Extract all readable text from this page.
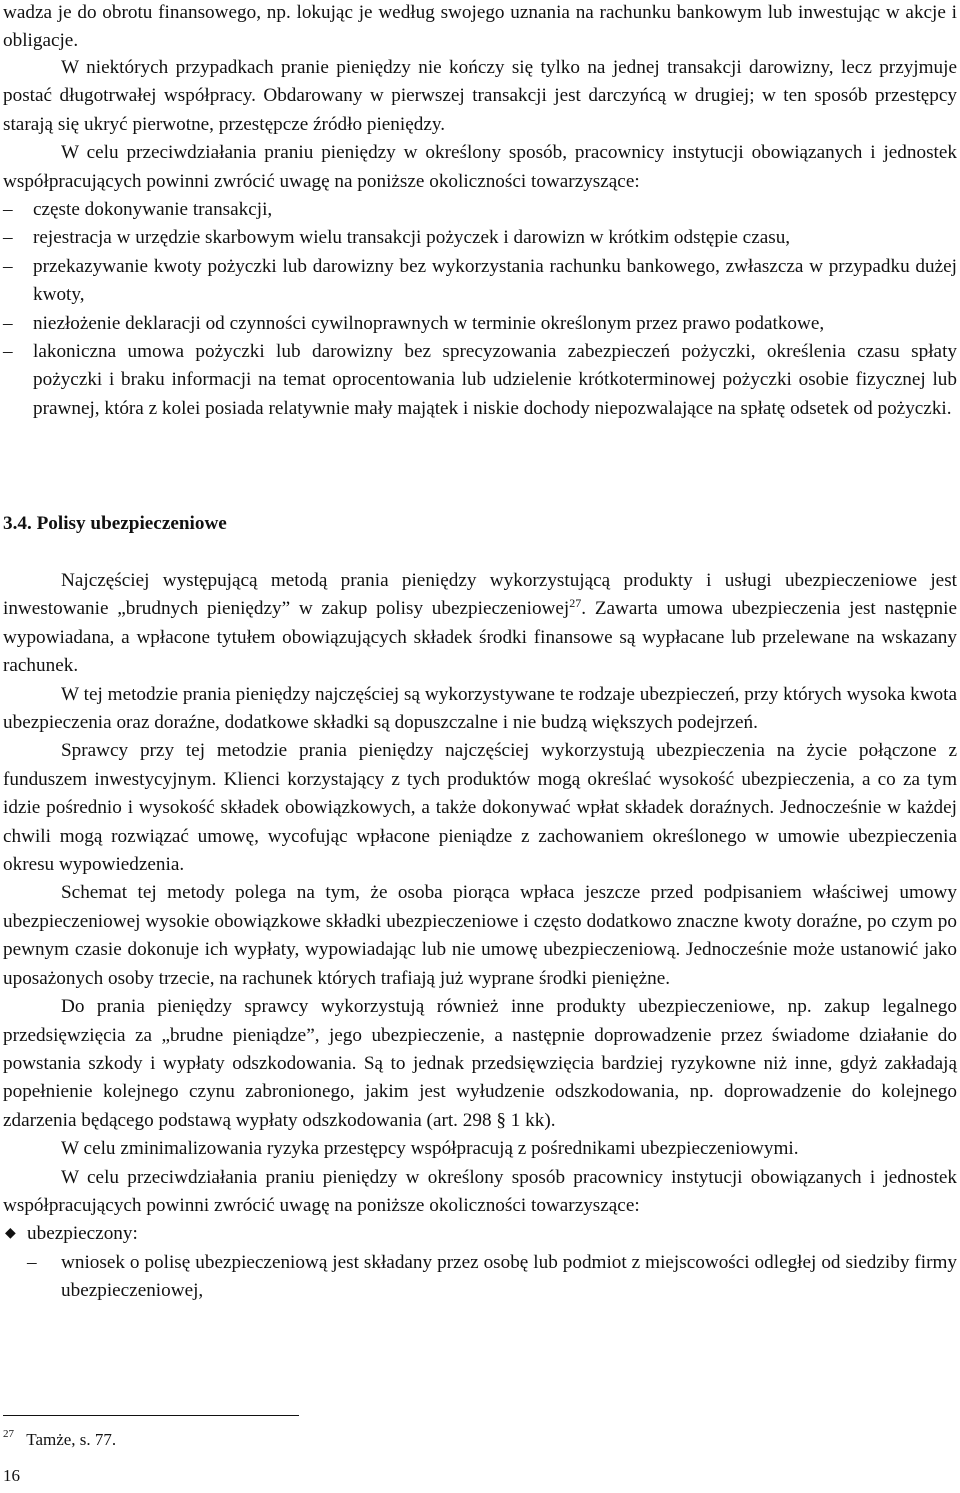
wadza je do obrotu finansowego, np. lokując je według swojego uznania na rachunku bankowym lub inwestując w akcje i obligacje.

W niektórych przypadkach pranie pieniędzy nie kończy się tylko na jednej transakcji darowizny, lecz przyjmuje postać długotrwałej współpracy. Obdarowany w pierwszej transakcji jest darczyńcą w drugiej; w ten sposób przestępcy starają się ukryć pierwotne, przestępcze źródło pieniędzy.

W celu przeciwdziałania praniu pieniędzy w określony sposób, pracownicy instytucji obowiązanych i jednostek współpracujących powinni zwrócić uwagę na poniższe okoliczności towarzyszące:

– częste dokonywanie transakcji,
– rejestracja w urzędzie skarbowym wielu transakcji pożyczek i darowizn w krótkim odstępie czasu,
– przekazywanie kwoty pożyczki lub darowizny bez wykorzystania rachunku bankowego, zwłaszcza w przypadku dużej kwoty,
– niezłożenie deklaracji od czynności cywilnoprawnych w terminie określonym przez prawo podatkowe,
– lakoniczna umowa pożyczki lub darowizny bez sprecyzowania zabezpieczeń pożyczki, określenia czasu spłaty pożyczki i braku informacji na temat oprocentowania lub udzielenie krótkoterminowej pożyczki osobie fizycznej lub prawnej, która z kolei posiada relatywnie mały majątek i niskie dochody niepozwalające na spłatę odsetek od pożyczki.
3.4. Polisy ubezpieczeniowe

Najczęściej występującą metodą prania pieniędzy wykorzystującą produkty i usługi ubezpieczeniowe jest inwestowanie „brudnych pieniędzy” w zakup polisy ubezpieczeniowej$^{27}$. Zawarta umowa ubezpieczenia jest następnie wypowiadana, a wpłacone tytułem obowiązujących składek środki finansowe są wypłacane lub przelewane na wskazany rachunek.

W tej metodzie prania pieniędzy najczęściej są wykorzystywane te rodzaje ubezpieczeń, przy których wysoka kwota ubezpieczenia oraz doraźne, dodatkowe składki są dopuszczalne i nie budzą większych podejrzeń.

Sprawcy przy tej metodzie prania pieniędzy najczęściej wykorzystują ubezpieczenia na życie połączone z funduszem inwestycyjnym. Klienci korzystający z tych produktów mogą określać wysokość ubezpieczenia, a co za tym idzie pośrednio i wysokość składek obowiązkowych, a także dokonywać wpłat składek doraźnych. Jednocześnie w każdej chwili mogą rozwiązać umowę, wycofując wpłacone pieniądze z zachowaniem określonego w umowie ubezpieczenia okresu wypowiedzenia.

Schemat tej metody polega na tym, że osoba piorąca wpłaca jeszcze przed podpisaniem właściwej umowy ubezpieczeniowej wysokie obowiązkowe składki ubezpieczeniowe i często dodatkowo znaczne kwoty doraźne, po czym po pewnym czasie dokonuje ich wypłaty, wypowiadając lub nie umowę ubezpieczeniową. Jednocześnie może ustanowić jako uposażonych osoby trzecie, na rachunek których trafiają już wyprane środki pieniężne.

Do prania pieniędzy sprawcy wykorzystują również inne produkty ubezpieczeniowe, np. zakup legalnego przedsięwzięcia za „brudne pieniądze”, jego ubezpieczenie, a następnie doprowadzenie przez świadome działanie do powstania szkody i wypłaty odszkodowania. Są to jednak przedsięwzięcia bardziej ryzykowne niż inne, gdyż zakładają popełnienie kolejnego czynu zabronionego, jakim jest wyłudzenie odszkodowania, np. doprowadzenie do kolejnego zdarzenia będącego podstawą wypłaty odszkodowania (art. 298 § 1 kk).

W celu zminimalizowania ryzyka przestępcy współpracują z pośrednikami ubezpieczeniowymi.

W celu przeciwdziałania praniu pieniędzy w określony sposób pracownicy instytucji obowiązanych i jednostek współpracujących powinni zwrócić uwagę na poniższe okoliczności towarzyszące:

◆ ubezpieczony:
– wniosek o polisę ubezpieczeniową jest składany przez osobę lub podmiot z miejscowości odległej od siedziby firmy ubezpieczeniowej,
$^{27}$ Tamże, s. 77.
16
